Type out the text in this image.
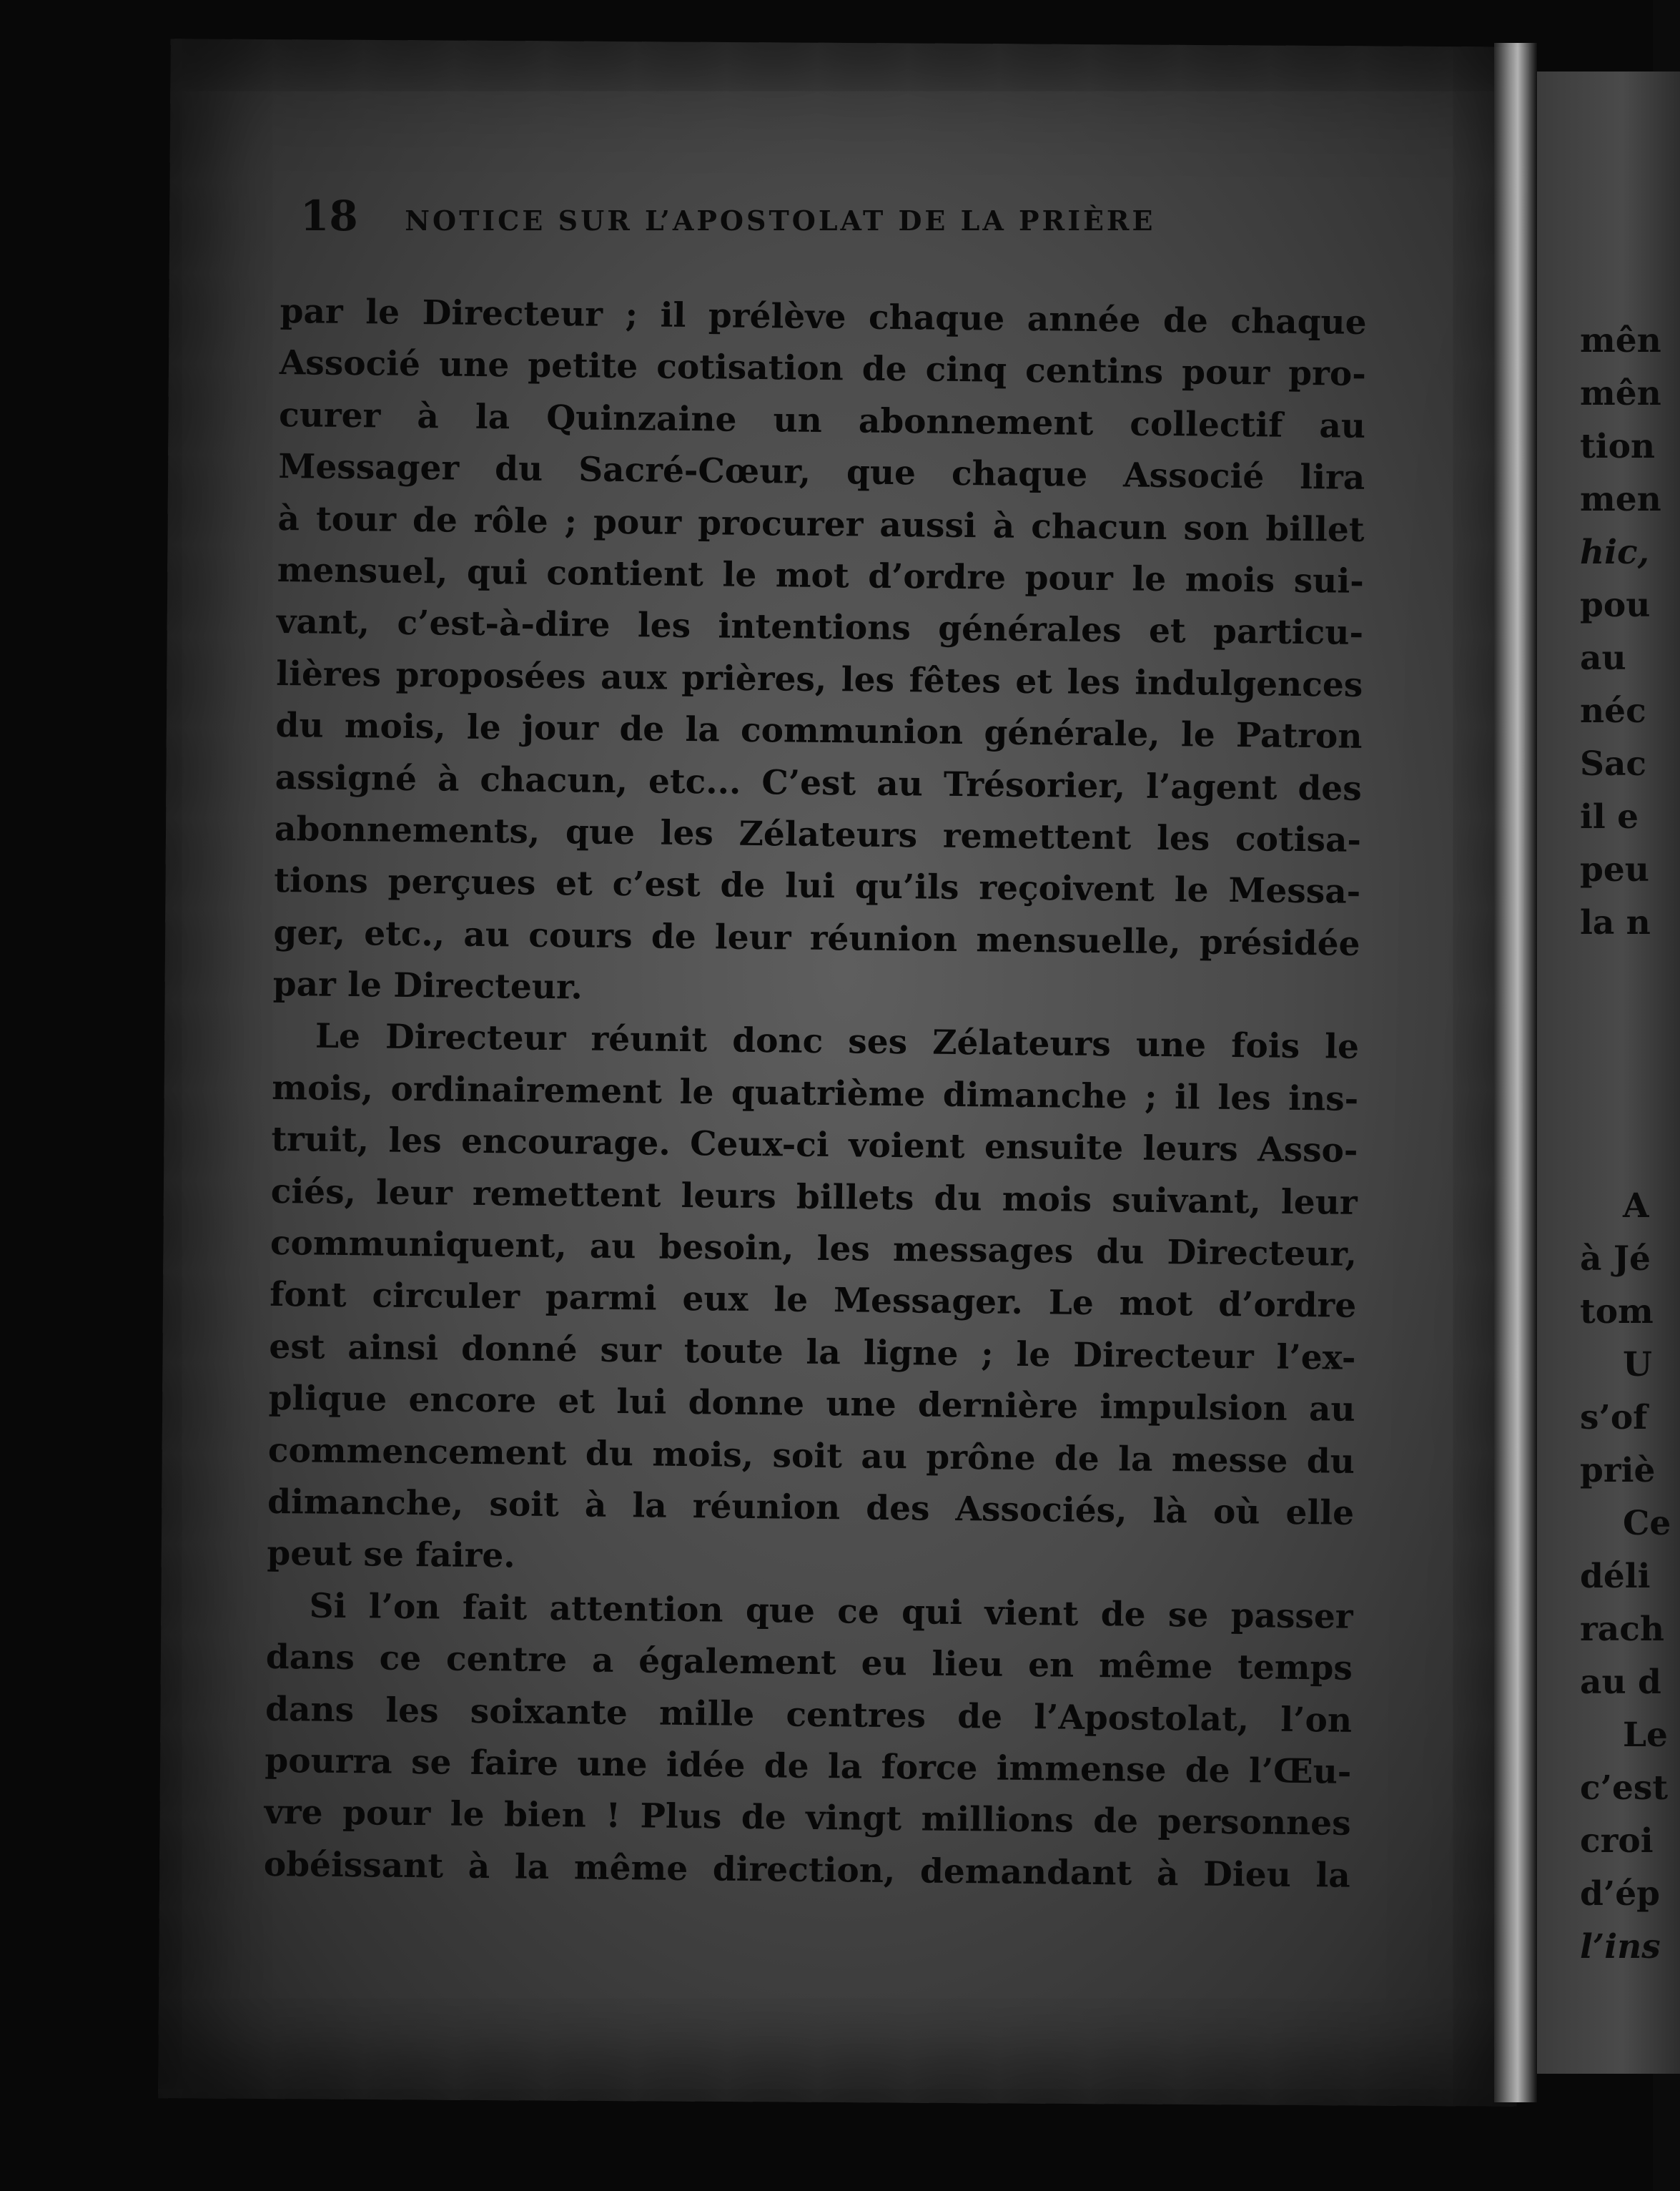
18 NOTICE SUR L’APOSTOLAT DE LA PRIÈRE
par le Directeur ; il prélève chaque année de chaque
Associé une petite cotisation de cinq centins pour pro-
curer à la Quinzaine un abonnement collectif au
Messager du Sacré-Cœur, que chaque Associé lira
à tour de rôle ; pour procurer aussi à chacun son billet
mensuel, qui contient le mot d’ordre pour le mois sui-
vant, c’est-à-dire les intentions générales et particu-
lières proposées aux prières, les fêtes et les indulgences
du mois, le jour de la communion générale, le Patron
assigné à chacun, etc... C’est au Trésorier, l’agent des
abonnements, que les Zélateurs remettent les cotisa-
tions perçues et c’est de lui qu’ils reçoivent le Messa-
ger, etc., au cours de leur réunion mensuelle, présidée
par le Directeur.
Le Directeur réunit donc ses Zélateurs une fois le
mois, ordinairement le quatrième dimanche ; il les ins-
truit, les encourage. Ceux-ci voient ensuite leurs Asso-
ciés, leur remettent leurs billets du mois suivant, leur
communiquent, au besoin, les messages du Directeur,
font circuler parmi eux le Messager. Le mot d’ordre
est ainsi donné sur toute la ligne ; le Directeur l’ex-
plique encore et lui donne une dernière impulsion au
commencement du mois, soit au prône de la messe du
dimanche, soit à la réunion des Associés, là où elle
peut se faire.
Si l’on fait attention que ce qui vient de se passer
dans ce centre a également eu lieu en même temps
dans les soixante mille centres de l’Apostolat, l’on
pourra se faire une idée de la force immense de l’Œu-
vre pour le bien ! Plus de vingt millions de personnes
obéissant à la même direction, demandant à Dieu la
mên
mên
tion
men
hic,
pou
au
néc
Sac
il e
peu
la n
A
à Jé
tom
U
s’of
priè
Ce
déli
rach
au d
Le
c’est
croi
d’ép
l’ins
